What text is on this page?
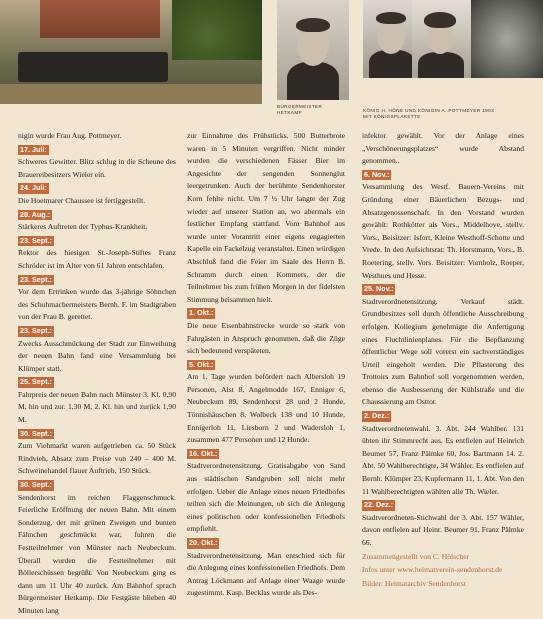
BÜRGERMEISTER
HETKAMP	KÖNIG H. HÖNE UND KÖNIGIN A. POTTMEYER 1903
MIT KÖNIGSPLAKETTE

nigin wurde Frau Aug. Pottmeyer.

17. Juli:

Schweres Gewitter. Blitz schlug in die Scheune des Brauereibesitzers Wieler ein.

24. Juli:

Die Hoetmarer Chaussee ist fertiggestellt.

28. Aug.:

Stärkeres Auftreten der Typhus-Krankheit.

23. Sept.:

Rektor des hiesigen St.-Joseph-Stiftes Franz Schröder ist im Alter von 61 Jahren entschlafen.

23. Sept.:

Vor dem Ertrinken wurde das 3-jährige Söhnchen des Schuhmachermeisters Bernh. F. im Stadtgraben von der Frau B. gerettet.

23. Sept.:

Zwecks Ausschmückung der Stadt zur Einweihung der neuen Bahn fand eine Versammlung bei Klümper statt.

25. Sept.:

Fahrpreis der neuen Bahn nach Münster 3. Kl. 0,90 M, hin und zur. 1,30 M, 2. Kl. hin und zurück 1,90 M.

30. Sept.:

Zum Viehmarkt waren aufgetrieben ca. 50 Stück Rindvieh, Absatz zum Preise von 240 – 400 M. Schweinehandel flauer Auftrieb, 150 Stück.

30. Sept.:

Sendenhorst im reichen Flaggenschmuck. Feierliche Eröffnung der neuen Bahn. Mit einem Sonderzug, der mit grünen Zweigen und bunten Fähnchen geschmückt war, fuhren die Festteilnehmer von Münster nach Neubeckum. Überall wurden die Festteilnehmer mit Böllerschüssen begrüßt. Von Neubeckum ging es dann um 11 Uhr 40 zurück. Am Bahnhof sprach Bürgermeister Hetkamp. Die Festgäste blieben 40 Minuten lang

zur Einnahme des Frühstücks. 500 Butterbrote waren in 5 Minuten vergriffen. Nicht minder wurden die verschiedenen Fässer Bier im Angesichte der sengenden Sonnenglut leergetrunken. Auch der berühmte Sendenhorster Korn fehlte nicht. Um 7 ½ Uhr langte der Zug wieder auf unserer Station an, wo abermals ein festlicher Empfang stattfand. Vom Bahnhof aus wurde unter Vorantritt einer eigens engagierten Kapelle ein Fackelzug veranstaltet. Einen würdigen Abschluß fand die Feier im Saale des Herrn B. Schramm durch einen Kommers, der die Teilnehmer bis zum frühen Morgen in der fidelsten Stimmung beisammen hielt.

1. Okt.:

Die neue Eisenbahnstrecke wurde so stark von Fahrgästen in Anspruch genommen, daß die Züge sich bedeutend verspäteten.

5. Okt.:

Am 1. Tage wurden befördert nach Albersloh 19 Personen, Alst 8, Angelmodde 167, Enniger 6, Neubeckum 89, Sendenhorst 28 und 2 Hunde, Tönnishäuschen 8, Wolbeck 138 und 10 Hunde, Ennigerloh 11, Liesborn 2 und Wadersloh 1, zusammen 477 Personen und 12 Hunde.

16. Okt.:

Stadtverordnetensitzung. Gratisabgabe von Sand aus städtischen Sandgruben soll nicht mehr erfolgen. Ueber die Anlage eines neuen Friedhofes teilten sich die Meinungen, ob sich die Anlegung eines politischen oder konfessionellen Friedhofs empfiehlt.

20. Okt.:

Stadtverordnetensitzung. Man entschied sich für die Anlegung eines konfessionellen Friedhofs. Dem Antrag Löckmann auf Anlage einer Waage wurde zugestimmt. Kasp. Becklas wurde als Des-

infektor gewählt. Vor der Anlage eines „Verschönerungsplatzes“ wurde Abstand genommen..

6. Nov.:

Versammlung des Westf. Bauern-Vereins mit Gründung einer Bäuerlichen Bezugs- und Absatzgenossenschaft. In den Vorstand wurden gewählt: Rothkötter als Vors., Middelhove, stellv. Vors., Beisitzer: Isfort, Kleine Westhoff-Schotte und Vrede. In den Aufsichtsrat: Th. Horstmann, Vors., B. Roetering, stellv. Vors. Beisitzer: Vornholz, Roeper, Westhues und Hesse.

25. Nov.:

Stadtverordnetensitzung. Verkauf städt. Grundbesitzes soll durch öffentliche Ausschreibung erfolgen. Kollegium genehmigte die Anfertigung eines Fluchtlinienplanes. Für die Bepflanzung öffentlicher Wege soll vorerst ein sachverständiges Urteil eingeholt werden. Die Pflasterung des Trottoirs zum Bahnhof soll vorgenommen werden, ebenso die Ausbesserung der Kühlstraße und die Chaussierung am Osttor.

2. Dez.:

Stadtverordnetenwahl. 3. Abt. 244 Wahlber. 131 übten ihr Stimmrecht aus. Es entfielen auf Heinrich Beumer 57, Franz Pälmke 60, Jos. Bartmann 14. 2. Abt. 50 Wahlberechtigte, 34 Wähler. Es entfielen auf Bernh. Klümper 23, Kupfermann 11, 1. Abt. Von den 11 Wahlberechtigten wählten alle Th. Wieler.

22. Dez.:

Stadtverordneten-Stichwahl der 3. Abt. 157 Wähler, davon entfielen auf Heinr. Beumer 91, Franz Pälmke 66.

Zusammengestellt von C. Hölscher

Infos unter www.heimatverein-sendenhorst.de

Bilder: Heimatarchiv Sendenhorst
